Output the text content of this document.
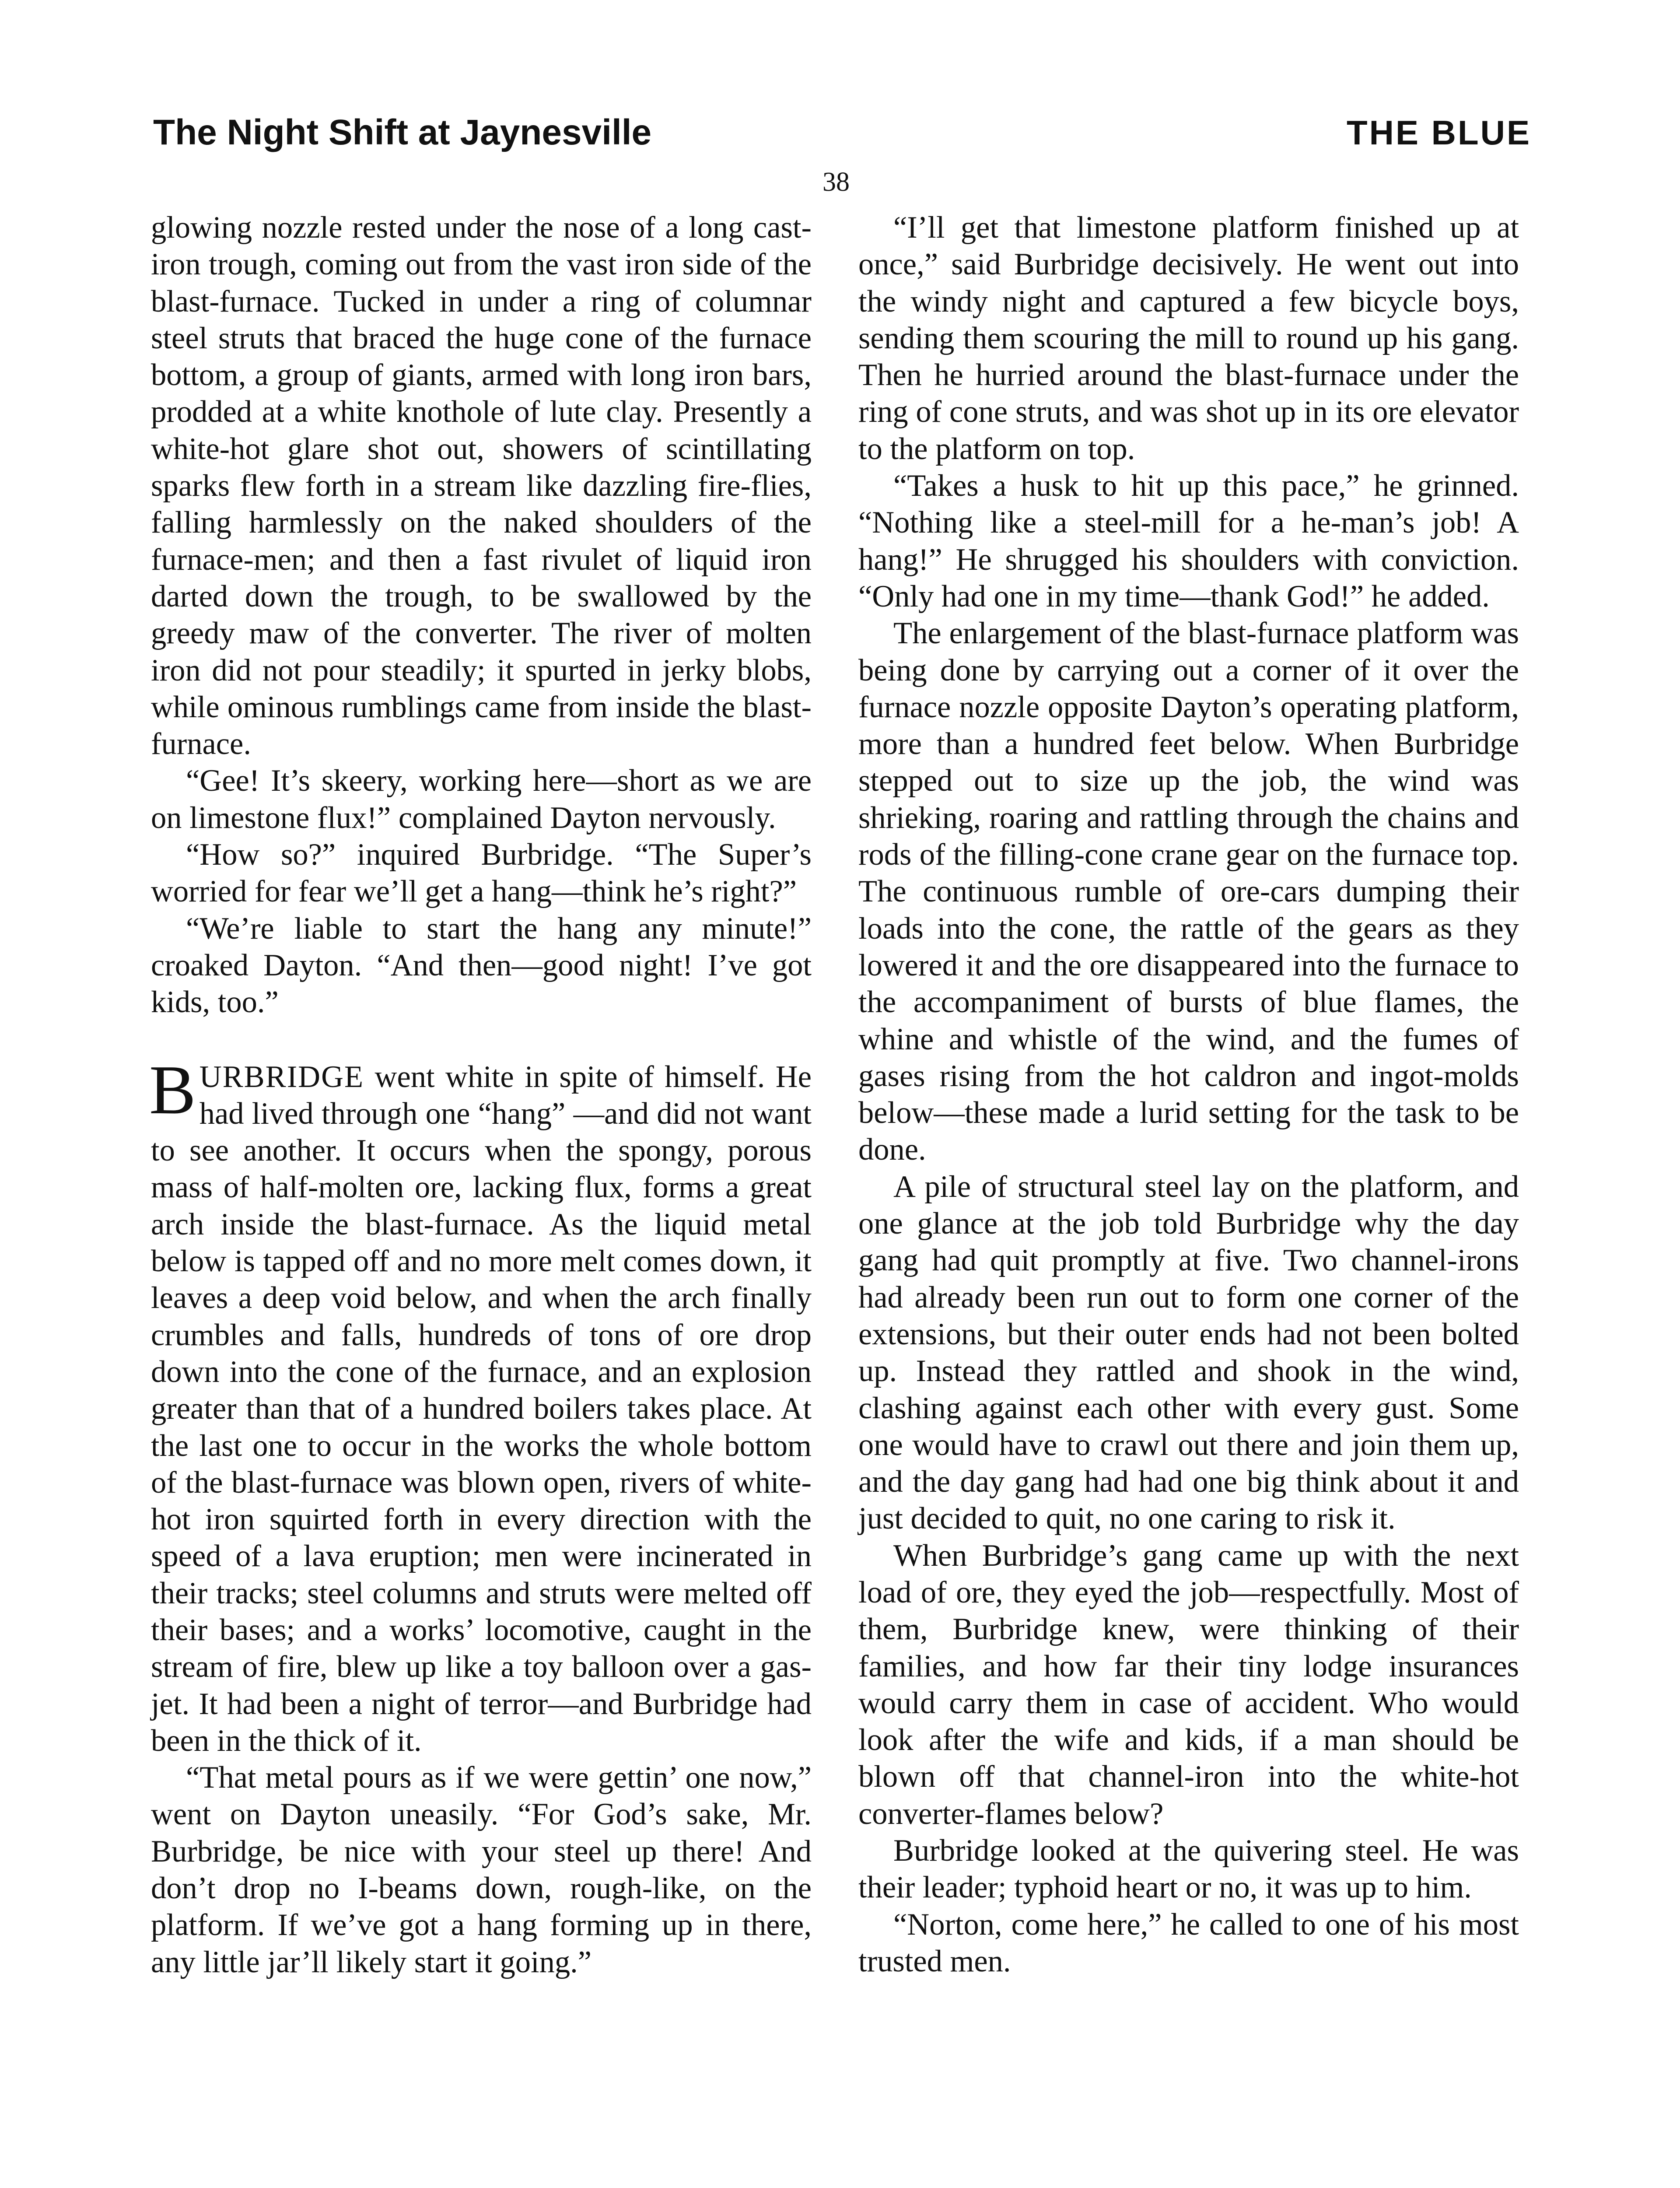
The Night Shift at Jaynesville	THE BLUE
38

glowing nozzle rested under the nose of a long cast-iron trough, coming out from the vast iron side of the blast-furnace. Tucked in under a ring of columnar steel struts that braced the huge cone of the furnace bottom, a group of giants, armed with long iron bars, prodded at a white knothole of lute clay. Presently a white-hot glare shot out, showers of scintillating sparks flew forth in a stream like dazzling fire-flies, falling harmlessly on the naked shoulders of the furnace-men; and then a fast rivulet of liquid iron darted down the trough, to be swallowed by the greedy maw of the converter. The river of molten iron did not pour steadily; it spurted in jerky blobs, while ominous rumblings came from inside the blast-furnace.

“Gee! It’s skeery, working here—short as we are on limestone flux!” complained Dayton nervously.

“How so?” inquired Burbridge. “The Super’s worried for fear we’ll get a hang—think he’s right?”

“We’re liable to start the hang any minute!” croaked Dayton. “And then—good night! I’ve got kids, too.”

BURBRIDGE went white in spite of himself. He had lived through one “hang” —and did not want to see another. It occurs when the spongy, porous mass of half-molten ore, lacking flux, forms a great arch inside the blast-furnace. As the liquid metal below is tapped off and no more melt comes down, it leaves a deep void below, and when the arch finally crumbles and falls, hundreds of tons of ore drop down into the cone of the furnace, and an explosion greater than that of a hundred boilers takes place. At the last one to occur in the works the whole bottom of the blast-furnace was blown open, rivers of white-hot iron squirted forth in every direction with the speed of a lava eruption; men were incinerated in their tracks; steel columns and struts were melted off their bases; and a works’ locomotive, caught in the stream of fire, blew up like a toy balloon over a gas-jet. It had been a night of terror—and Burbridge had been in the thick of it.

“That metal pours as if we were gettin’ one now,” went on Dayton uneasily. “For God’s sake, Mr. Burbridge, be nice with your steel up there! And don’t drop no I-beams down, rough-like, on the platform. If we’ve got a hang forming up in there, any little jar’ll likely start it going.”

“I’ll get that limestone platform finished up at once,” said Burbridge decisively. He went out into the windy night and captured a few bicycle boys, sending them scouring the mill to round up his gang. Then he hurried around the blast-furnace under the ring of cone struts, and was shot up in its ore elevator to the platform on top.

“Takes a husk to hit up this pace,” he grinned. “Nothing like a steel-mill for a he-man’s job! A hang!” He shrugged his shoulders with conviction. “Only had one in my time—thank God!” he added.

The enlargement of the blast-furnace platform was being done by carrying out a corner of it over the furnace nozzle opposite Dayton’s operating platform, more than a hundred feet below. When Burbridge stepped out to size up the job, the wind was shrieking, roaring and rattling through the chains and rods of the filling-cone crane gear on the furnace top. The continuous rumble of ore-cars dumping their loads into the cone, the rattle of the gears as they lowered it and the ore disappeared into the furnace to the accompaniment of bursts of blue flames, the whine and whistle of the wind, and the fumes of gases rising from the hot caldron and ingot-molds below—these made a lurid setting for the task to be done.

A pile of structural steel lay on the platform, and one glance at the job told Burbridge why the day gang had quit promptly at five. Two channel-irons had already been run out to form one corner of the extensions, but their outer ends had not been bolted up. Instead they rattled and shook in the wind, clashing against each other with every gust. Some one would have to crawl out there and join them up, and the day gang had had one big think about it and just decided to quit, no one caring to risk it.

When Burbridge’s gang came up with the next load of ore, they eyed the job—respectfully. Most of them, Burbridge knew, were thinking of their families, and how far their tiny lodge insurances would carry them in case of accident. Who would look after the wife and kids, if a man should be blown off that channel-iron into the white-hot converter-flames below?

Burbridge looked at the quivering steel. He was their leader; typhoid heart or no, it was up to him.

“Norton, come here,” he called to one of his most trusted men.
